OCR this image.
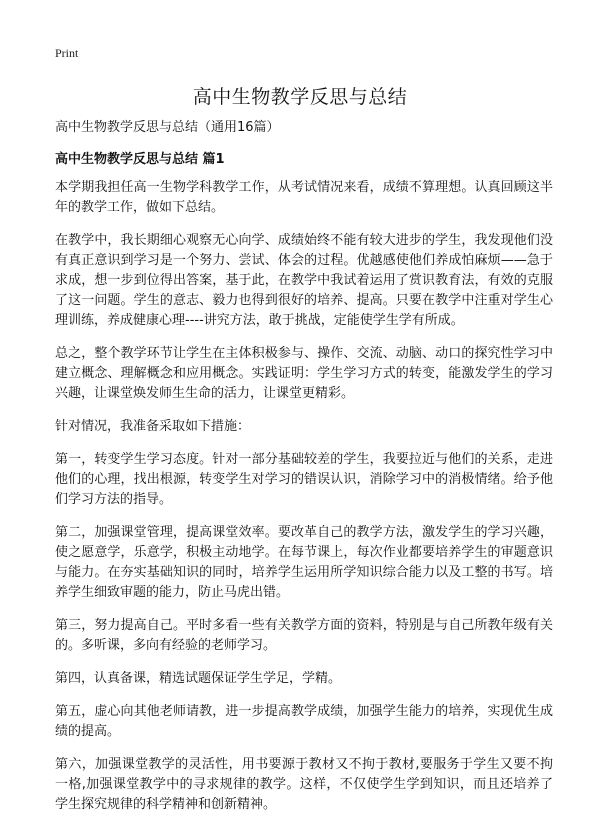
Print
高中生物教学反思与总结

高中生物教学反思与总结（通用16篇）

高中生物教学反思与总结 篇1

本学期我担任高一生物学科教学工作，从考试情况来看，成绩不算理想。认真回顾这半年的教学工作，做如下总结。

在教学中，我长期细心观察无心向学、成绩始终不能有较大进步的学生，我发现他们没有真正意识到学习是一个努力、尝试、体会的过程。优越感使他们养成怕麻烦——急于求成，想一步到位得出答案，基于此，在教学中我试着运用了赏识教育法，有效的克服了这一问题。学生的意志、毅力也得到很好的培养、提高。只要在教学中注重对学生心理训练，养成健康心理----讲究方法，敢于挑战，定能使学生学有所成。

总之，整个教学环节让学生在主体积极参与、操作、交流、动脑、动口的探究性学习中建立概念、理解概念和应用概念。实践证明：学生学习方式的转变，能激发学生的学习兴趣，让课堂焕发师生生命的活力，让课堂更精彩。

针对情况，我准备采取如下措施：

第一，转变学生学习态度。针对一部分基础较差的学生，我要拉近与他们的关系，走进他们的心理，找出根源，转变学生对学习的错误认识，消除学习中的消极情绪。给予他们学习方法的指导。

第二，加强课堂管理，提高课堂效率。要改革自己的教学方法，激发学生的学习兴趣，使之愿意学，乐意学，积极主动地学。在每节课上，每次作业都要培养学生的审题意识与能力。在夯实基础知识的同时，培养学生运用所学知识综合能力以及工整的书写。培养学生细致审题的能力，防止马虎出错。

第三，努力提高自己。平时多看一些有关教学方面的资料，特别是与自己所教年级有关的。多听课，多向有经验的老师学习。

第四，认真备课，精选试题保证学生学足，学精。

第五，虚心向其他老师请教，进一步提高教学成绩，加强学生能力的培养，实现优生成绩的提高。

第六，加强课堂教学的灵活性，用书要源于教材又不拘于教材,要服务于学生又要不拘一格,加强课堂教学中的寻求规律的教学。这样，不仅使学生学到知识，而且还培养了学生探究规律的科学精神和创新精神。
